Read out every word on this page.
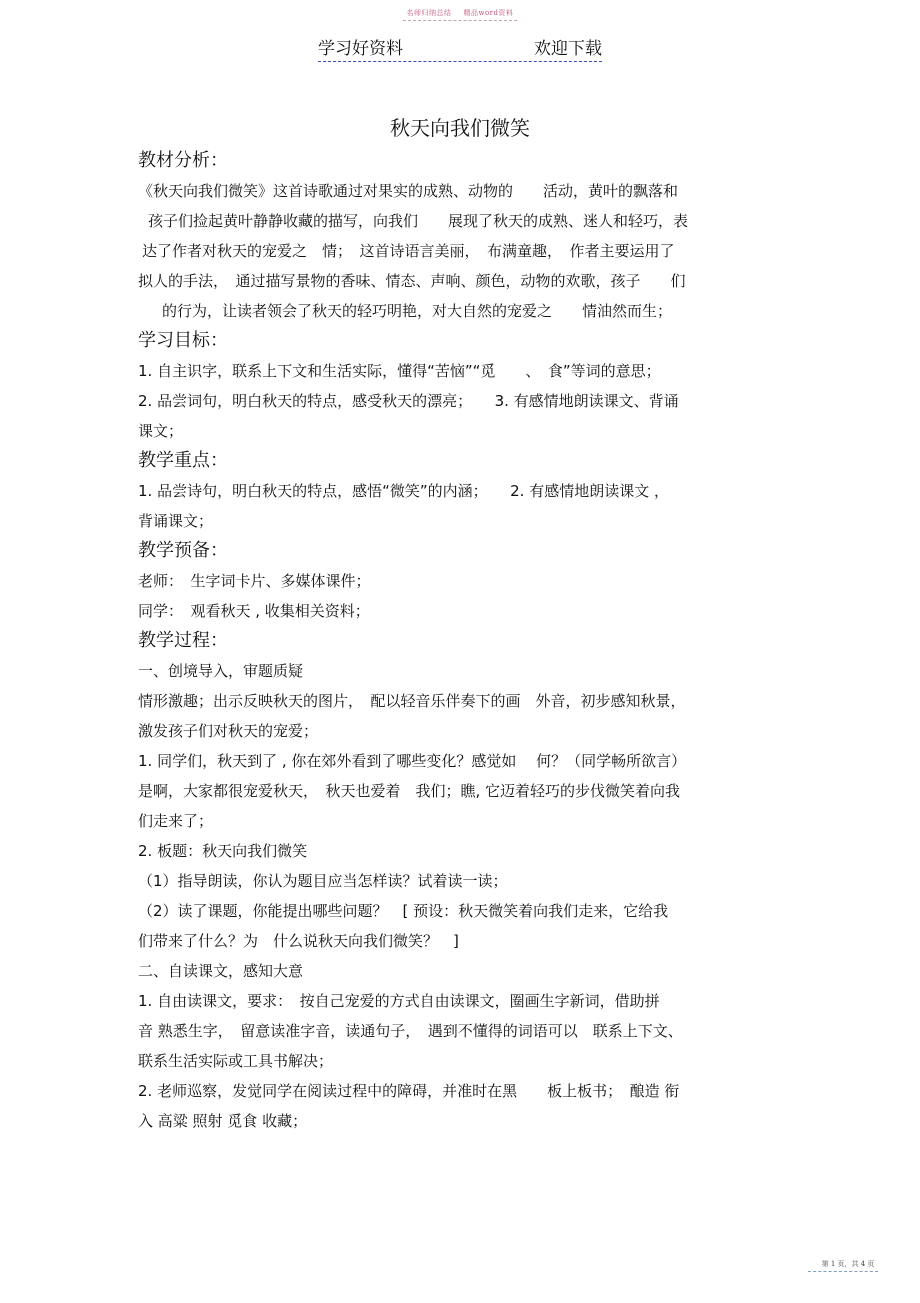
名师归纳总结 精品word资料
学习好资料	欢迎下载
秋天向我们微笑

教材分析：

《秋天向我们微笑》这首诗歌通过对果实的成熟、动物的　　活动，黄叶的飘落和

孩子们捡起黄叶静静收藏的描写，向我们　　展现了秋天的成熟、迷人和轻巧，表

达了作者对秋天的宠爱之　情；　这首诗语言美丽，　布满童趣，　作者主要运用了

拟人的手法，　通过描写景物的香味、情态、声响、颜色，动物的欢歌，孩子　　们

的行为，让读者领会了秋天的轻巧明艳，对大自然的宠爱之　　情油然而生；

学习目标：

1. 自主识字，联系上下文和生活实际，懂得“苦恼”“觅　　、　食”等词的意思；

2. 品尝词句，明白秋天的特点，感受秋天的漂亮；　　3. 有感情地朗读课文、背诵

课文；

教学重点：

1. 品尝诗句，明白秋天的特点，感悟“微笑”的内涵；　　2. 有感情地朗读课文 ，

背诵课文；

教学预备：

老师：　生字词卡片、多媒体课件；

同学：　观看秋天 , 收集相关资料；

教学过程：

一、创境导入，审题质疑

情形激趣；出示反映秋天的图片，　配以轻音乐伴奏下的画　外音，初步感知秋景，

激发孩子们对秋天的宠爱；

1. 同学们，秋天到了 , 你在郊外看到了哪些变化？感觉如　 何？（同学畅所欲言）

是啊，大家都很宠爱秋天，　秋天也爱着　我们；瞧, 它迈着轻巧的步伐微笑着向我

们走来了；

2. 板题：秋天向我们微笑

（1）指导朗读，你认为题目应当怎样读？试着读一读；

（2）读了课题，你能提出哪些问题？　[ 预设：秋天微笑着向我们走来，它给我

们带来了什么？为　什么说秋天向我们微笑？　]

二、自读课文，感知大意

1. 自由读课文，要求：　按自己宠爱的方式自由读课文，圈画生字新词，借助拼

音 熟悉生字，　留意读准字音，读通句子，　遇到不懂得的词语可以　联系上下文、

联系生活实际或工具书解决；

2. 老师巡察，发觉同学在阅读过程中的障碍，并准时在黑　　板上板书；　酿造 衔

入 高粱 照射 觅食 收藏；

第 1 页，共 4 页
